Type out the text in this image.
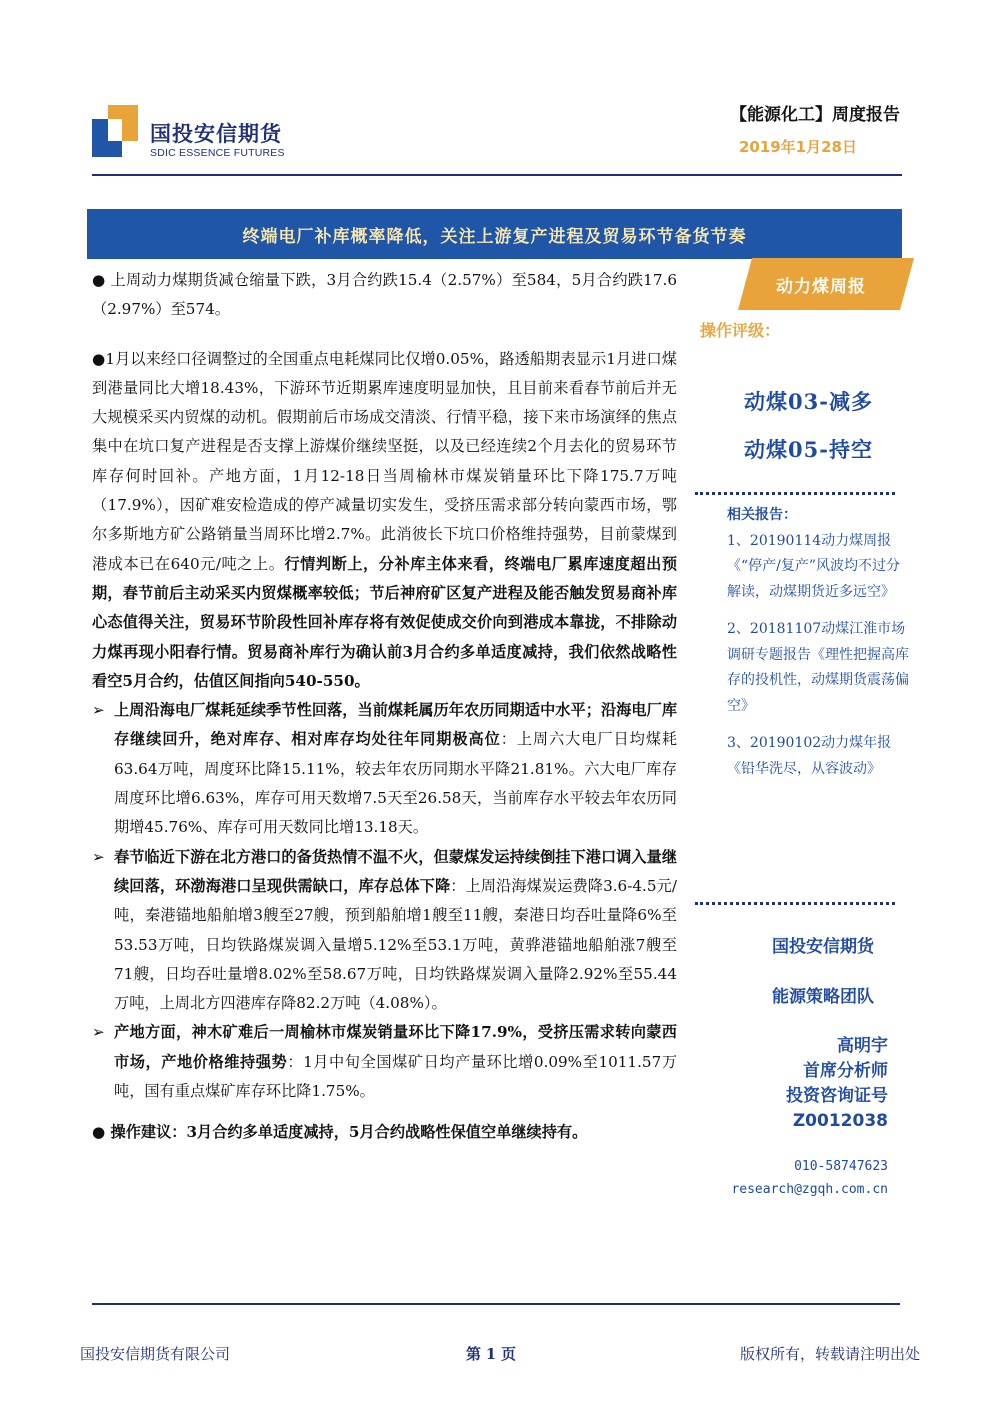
国投安信期货
SDIC ESSENCE FUTURES
【能源化工】周度报告
2019年1月28日
终端电厂补库概率降低，关注上游复产进程及贸易环节备货节奏

● 上周动力煤期货减仓缩量下跌，3月合约跌15.4（2.57%）至584，5月合约跌17.6（2.97%）至574。

●1月以来经口径调整过的全国重点电耗煤同比仅增0.05%，路透船期表显示1月进口煤到港量同比大增18.43%，下游环节近期累库速度明显加快，且目前来看春节前后并无大规模采买内贸煤的动机。假期前后市场成交清淡、行情平稳，接下来市场演绎的焦点集中在坑口复产进程是否支撑上游煤价继续坚挺，以及已经连续2个月去化的贸易环节库存何时回补。产地方面，1月12-18日当周榆林市煤炭销量环比下降175.7万吨（17.9%），因矿难安检造成的停产减量切实发生，受挤压需求部分转向蒙西市场，鄂尔多斯地方矿公路销量当周环比增2.7%。此消彼长下坑口价格维持强势，目前蒙煤到港成本已在640元/吨之上。行情判断上，分补库主体来看，终端电厂累库速度超出预期，春节前后主动采买内贸煤概率较低；节后神府矿区复产进程及能否触发贸易商补库心态值得关注，贸易环节阶段性回补库存将有效促使成交价向到港成本靠拢，不排除动力煤再现小阳春行情。贸易商补库行为确认前3月合约多单适度减持，我们依然战略性看空5月合约，估值区间指向540-550。

➢ 上周沿海电厂煤耗延续季节性回落，当前煤耗属历年农历同期适中水平；沿海电厂库存继续回升，绝对库存、相对库存均处往年同期极高位：上周六大电厂日均煤耗63.64万吨，周度环比降15.11%，较去年农历同期水平降21.81%。六大电厂库存周度环比增6.63%，库存可用天数增7.5天至26.58天，当前库存水平较去年农历同期增45.76%、库存可用天数同比增13.18天。
➢ 春节临近下游在北方港口的备货热情不温不火，但蒙煤发运持续倒挂下港口调入量继续回落，环渤海港口呈现供需缺口，库存总体下降：上周沿海煤炭运费降3.6-4.5元/吨，秦港锚地船舶增3艘至27艘，预到船舶增1艘至11艘，秦港日均吞吐量降6%至53.53万吨，日均铁路煤炭调入量增5.12%至53.1万吨，黄骅港锚地船舶涨7艘至71艘，日均吞吐量增8.02%至58.67万吨，日均铁路煤炭调入量降2.92%至55.44万吨，上周北方四港库存降82.2万吨（4.08%）。
➢ 产地方面，神木矿难后一周榆林市煤炭销量环比下降17.9%，受挤压需求转向蒙西市场，产地价格维持强势：1月中旬全国煤矿日均产量环比增0.09%至1011.57万吨，国有重点煤矿库存环比降1.75%。

● 操作建议：3月合约多单适度减持，5月合约战略性保值空单继续持有。

动力煤周报
操作评级：
动煤03-减多
动煤05-持空

相关报告：

1、20190114动力煤周报《“停产/复产”风波均不过分解读，动煤期货近多远空》

2、20181107动煤江淮市场调研专题报告《理性把握高库存的投机性，动煤期货震荡偏空》

3、20190102动力煤年报《铅华洗尽，从容波动》

国投安信期货
能源策略团队
高明宇
首席分析师
投资咨询证号
Z0012038
010-58747623
research@zgqh.com.cn
国投安信期货有限公司	第 1 页	版权所有，转载请注明出处
